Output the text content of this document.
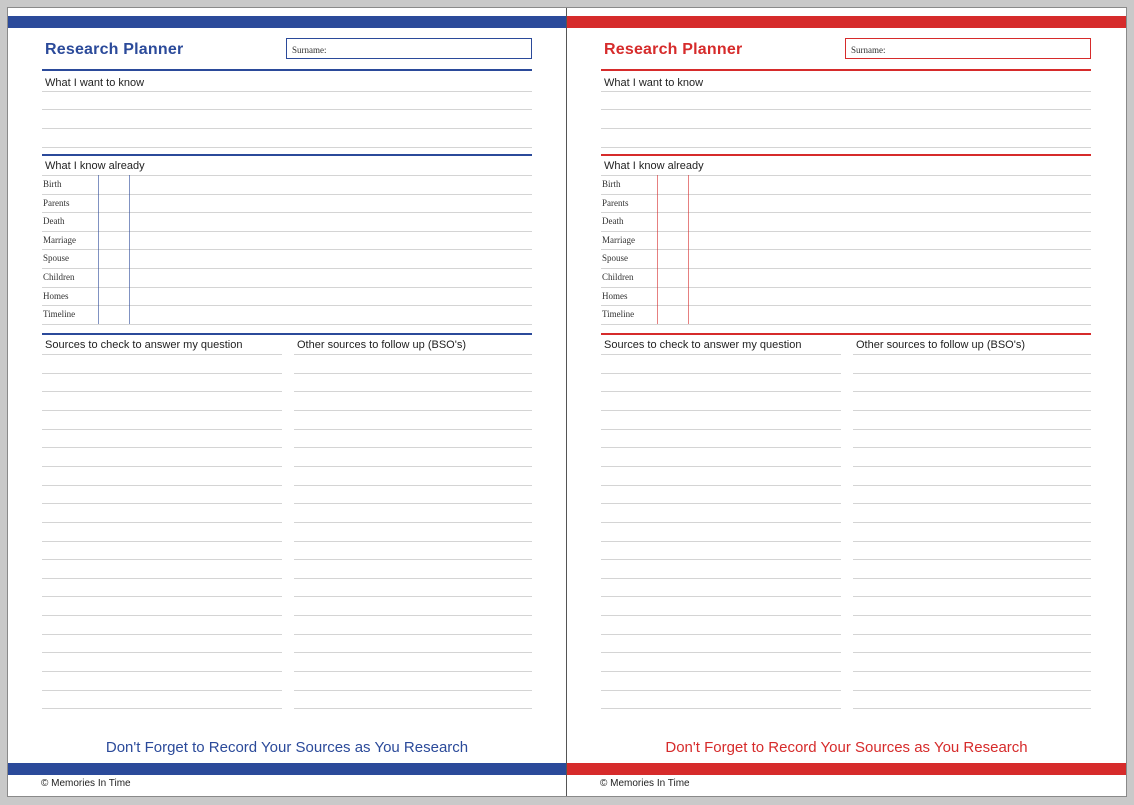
Research Planner	Surname:
What I want to know
What I know already
Birth
Parents
Death
Marriage
Spouse
Children
Homes
Timeline
Sources to check to answer my question	Other sources to follow up (BSO's)
Don't Forget to Record Your Sources as You Research
© Memories In Time
Research Planner	Surname:
What I want to know
What I know already
Birth
Parents
Death
Marriage
Spouse
Children
Homes
Timeline
Sources to check to answer my question	Other sources to follow up (BSO's)
Don't Forget to Record Your Sources as You Research
© Memories In Time
